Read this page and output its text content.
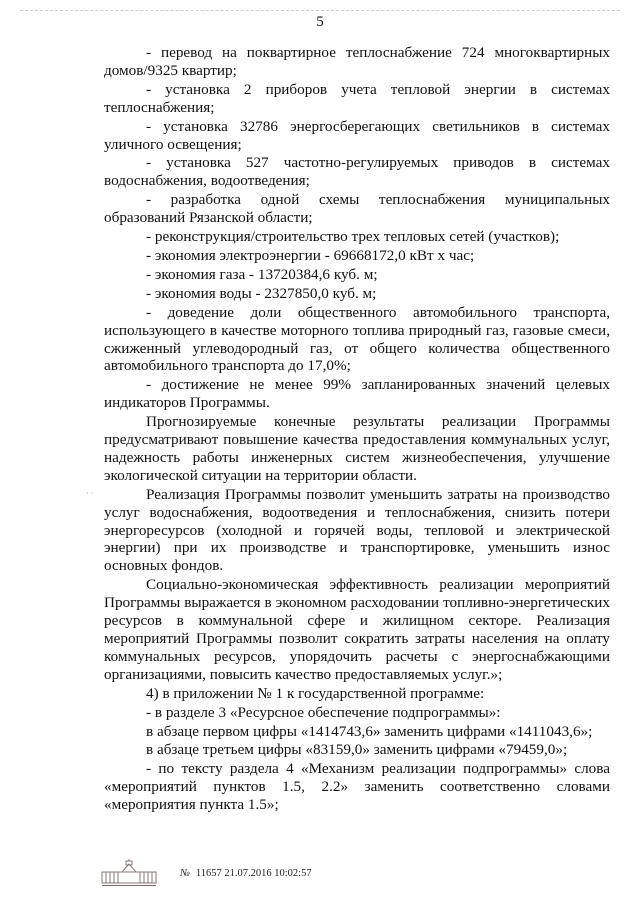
5
· ·

- перевод на поквартирное теплоснабжение 724 многоквартирных домов/9325 квартир;

- установка 2 приборов учета тепловой энергии в системах теплоснабжения;

- установка 32786 энергосберегающих светильников в системах уличного освещения;

- установка 527 частотно-регулируемых приводов в системах водоснабжения, водоотведения;

- разработка одной схемы теплоснабжения муниципальных образований Рязанской области;

- реконструкция/строительство трех тепловых сетей (участков);

- экономия электроэнергии - 69668172,0 кВт х час;

- экономия газа - 13720384,6 куб. м;

- экономия воды - 2327850,0 куб. м;

- доведение доли общественного автомобильного транспорта, использующего в качестве моторного топлива природный газ, газовые смеси, сжиженный углеводородный газ, от общего количества общественного автомобильного транспорта до 17,0%;

- достижение не менее 99% запланированных значений целевых индикаторов Программы.

Прогнозируемые конечные результаты реализации Программы предусматривают повышение качества предоставления коммунальных услуг, надежность работы инженерных систем жизнеобеспечения, улучшение экологической ситуации на территории области.

Реализация Программы позволит уменьшить затраты на производство услуг водоснабжения, водоотведения и теплоснабжения, снизить потери энергоресурсов (холодной и горячей воды, тепловой и электрической энергии) при их производстве и транспортировке, уменьшить износ основных фондов.

Социально-экономическая эффективность реализации мероприятий Программы выражается в экономном расходовании топливно-энергетических ресурсов в коммунальной сфере и жилищном секторе. Реализация мероприятий Программы позволит сократить затраты населения на оплату коммунальных ресурсов, упорядочить расчеты с энергоснабжающими организациями, повысить качество предоставляемых услуг.»;

4) в приложении № 1 к государственной программе:

- в разделе 3 «Ресурсное обеспечение подпрограммы»:

в абзаце первом цифры «1414743,6» заменить цифрами «1411043,6»;

в абзаце третьем цифры «83159,0» заменить цифрами «79459,0»;

- по тексту раздела 4 «Механизм реализации подпрограммы» слова «мероприятий пунктов 1.5, 2.2» заменить соответственно словами «мероприятия пункта 1.5»;

№ 11657 21.07.2016 10:02:57
